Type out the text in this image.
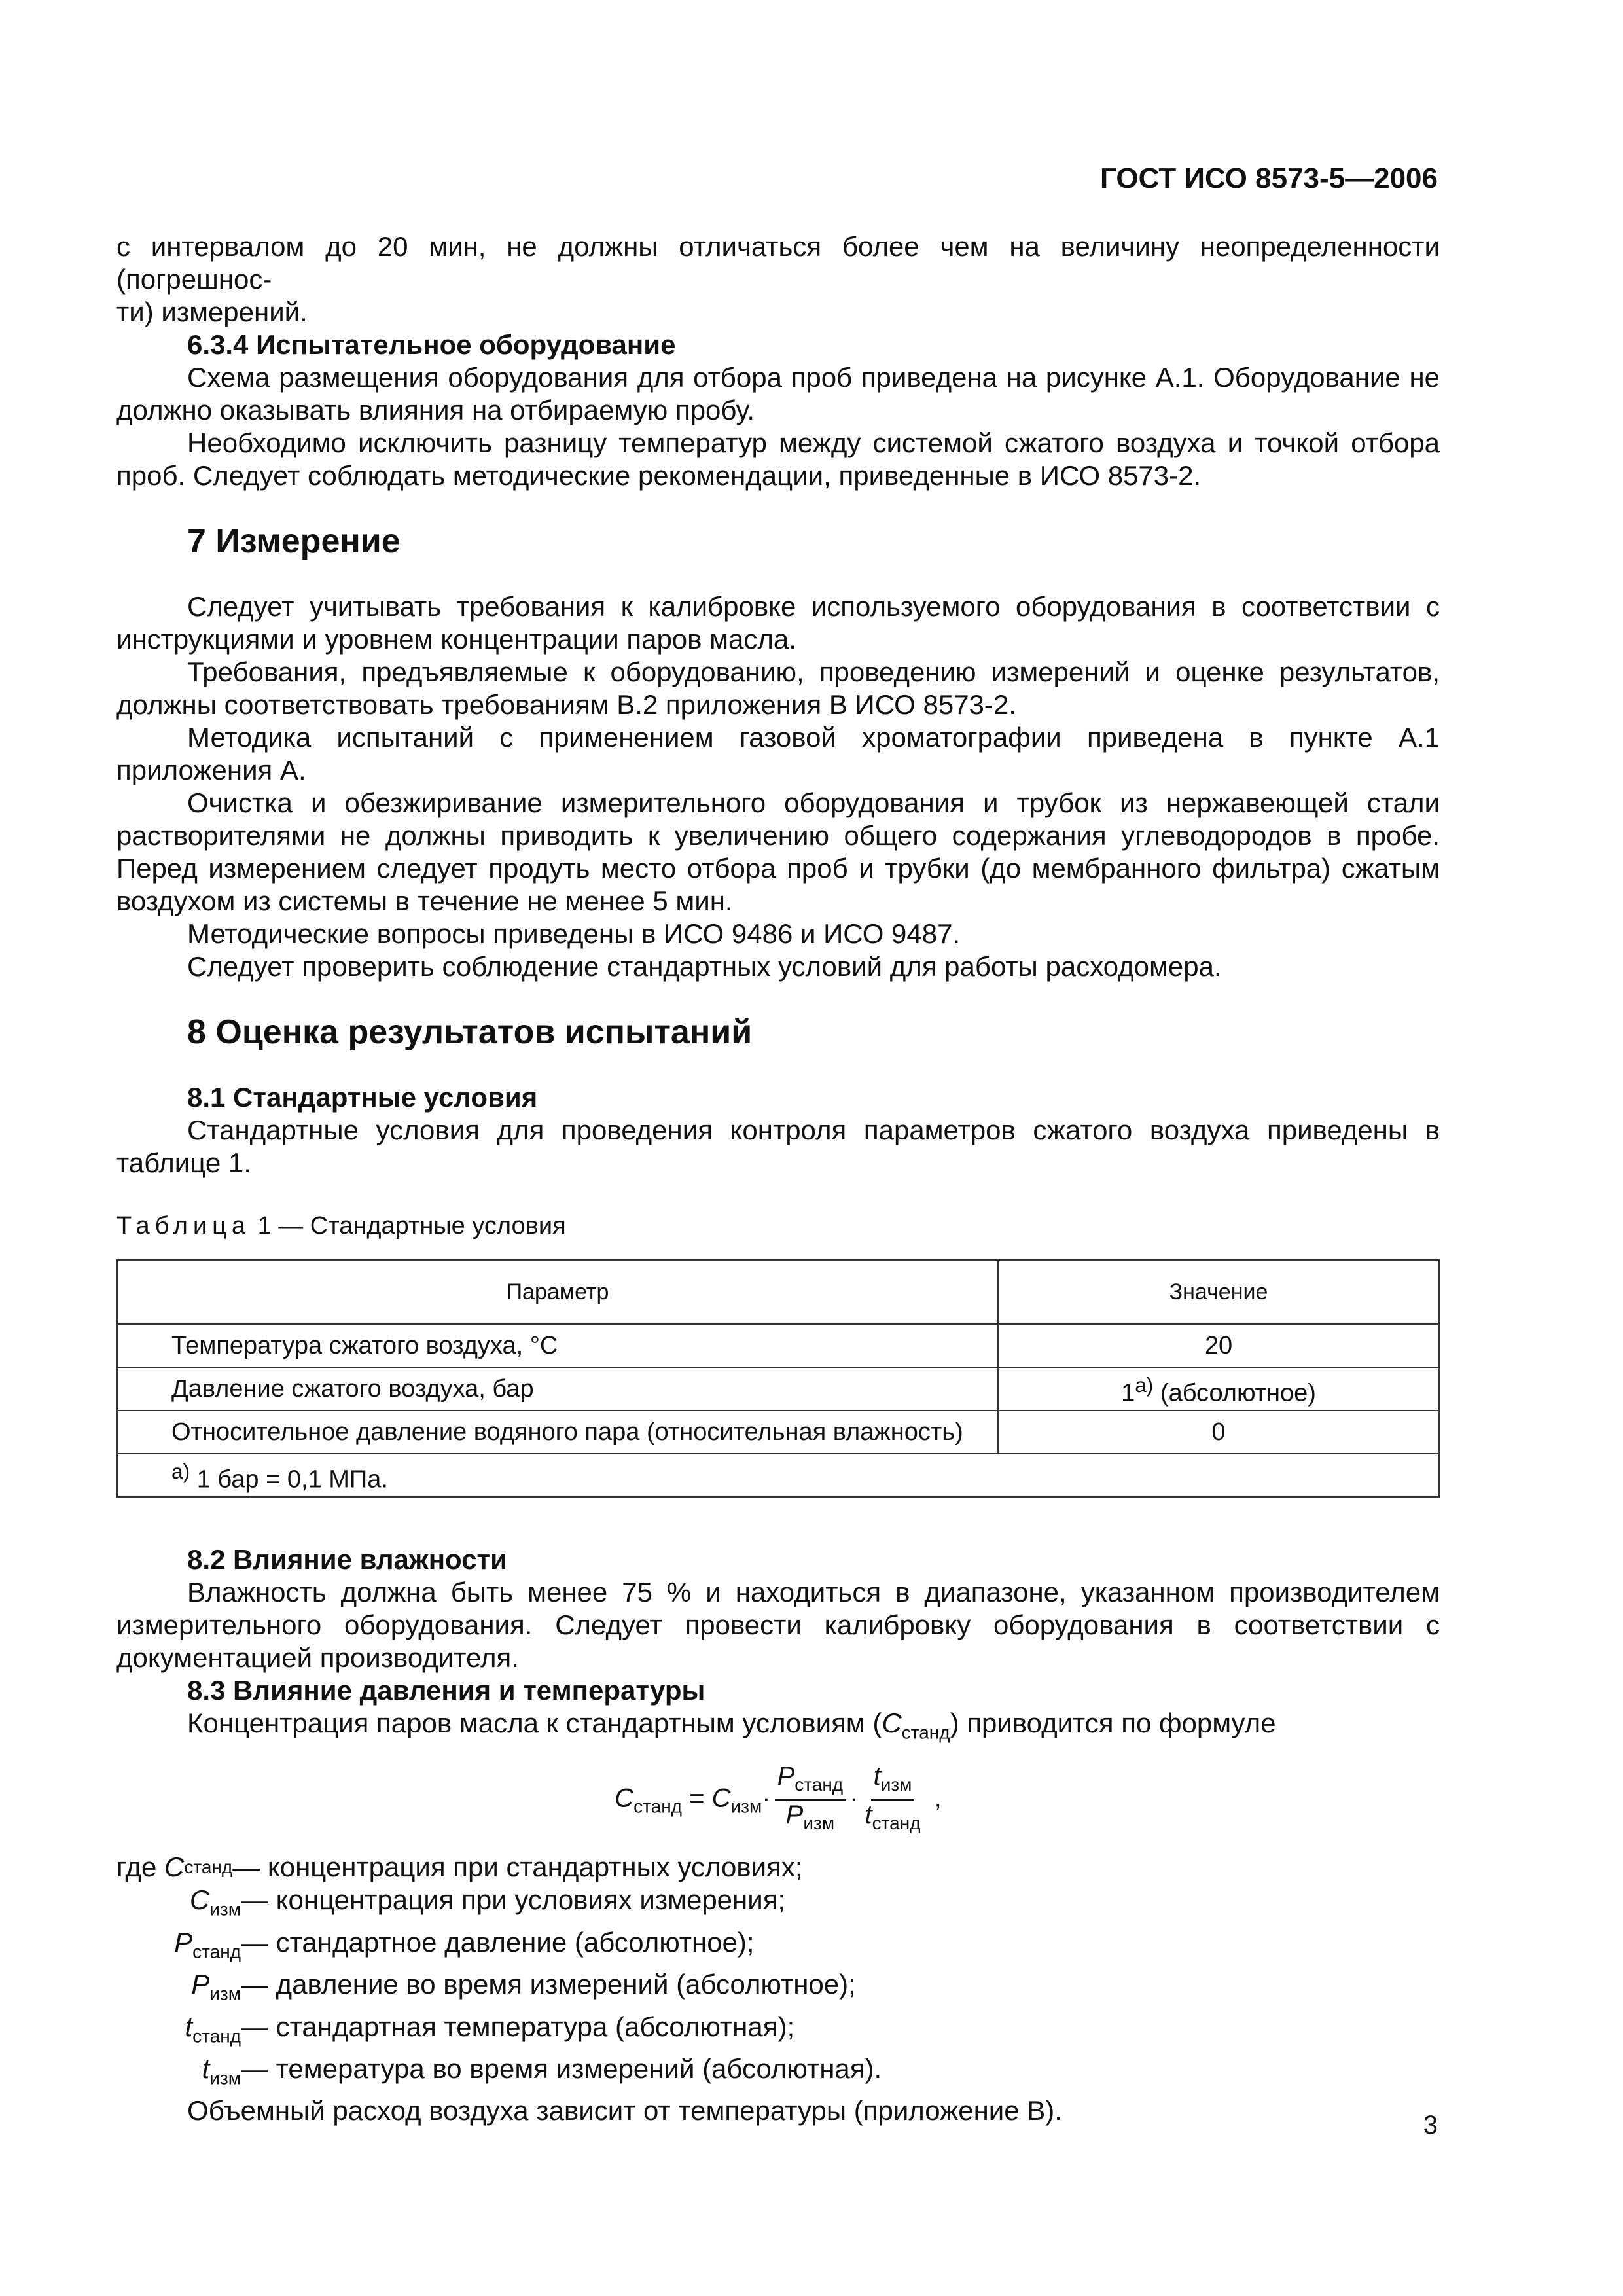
ГОСТ ИСО 8573-5—2006

с интервалом до 20 мин, не должны отличаться более чем на величину неопределенности (погрешнос-
ти) измерений.

6.3.4 Испытательное оборудование

Схема размещения оборудования для отбора проб приведена на рисунке А.1. Оборудование не должно оказывать влияния на отбираемую пробу.

Необходимо исключить разницу температур между системой сжатого воздуха и точкой отбора проб. Следует соблюдать методические рекомендации, приведенные в ИСО 8573-2.

7 Измерение

Следует учитывать требования к калибровке используемого оборудования в соответствии с инструкциями и уровнем концентрации паров масла.

Требования, предъявляемые к оборудованию, проведению измерений и оценке результатов, должны соответствовать требованиям В.2 приложения В ИСО 8573-2.

Методика испытаний с применением газовой хроматографии приведена в пункте А.1 приложения А.

Очистка и обезжиривание измерительного оборудования и трубок из нержавеющей стали растворителями не должны приводить к увеличению общего содержания углеводородов в пробе. Перед измерением следует продуть место отбора проб и трубки (до мембранного фильтра) сжатым воздухом из системы в течение не менее 5 мин.

Методические вопросы приведены в ИСО 9486 и ИСО 9487.

Следует проверить соблюдение стандартных условий для работы расходомера.

8 Оценка результатов испытаний

8.1 Стандартные условия

Стандартные условия для проведения контроля параметров сжатого воздуха приведены в таблице 1.

Таблица 1 — Стандартные условия

Параметр	Значение
Температура сжатого воздуха, °С	20
Давление сжатого воздуха, бар	$1^{а)}$ (абсолютное)
Относительное давление водяного пара (относительная влажность)	0
$^{а)}$ 1 бар = 0,1 МПа.	

8.2 Влияние влажности

Влажность должна быть менее 75 % и находиться в диапазоне, указанном производителем измерительного оборудования. Следует провести калибровку оборудования в соответствии с документацией производителя.

8.3 Влияние давления и температуры

Концентрация паров масла к стандартным условиям $(C_{станд})$ приводится по формуле

$C_{станд} = C_{изм}\cdot \frac{P_{станд}}{P_{изм}} \cdot \frac{t_{изм}}{t_{станд}}$ ,

где
C станд — концентрация при стандартных условиях;
$C_{изм}$ — концентрация при условиях измерения;
$P_{станд}$ — стандартное давление (абсолютное);
$P_{изм}$ — давление во время измерений (абсолютное);
$t_{станд}$ — стандартная температура (абсолютная);
$t_{изм}$ — темература во время измерений (абсолютная).

Объемный расход воздуха зависит от температуры (приложение В).	3
